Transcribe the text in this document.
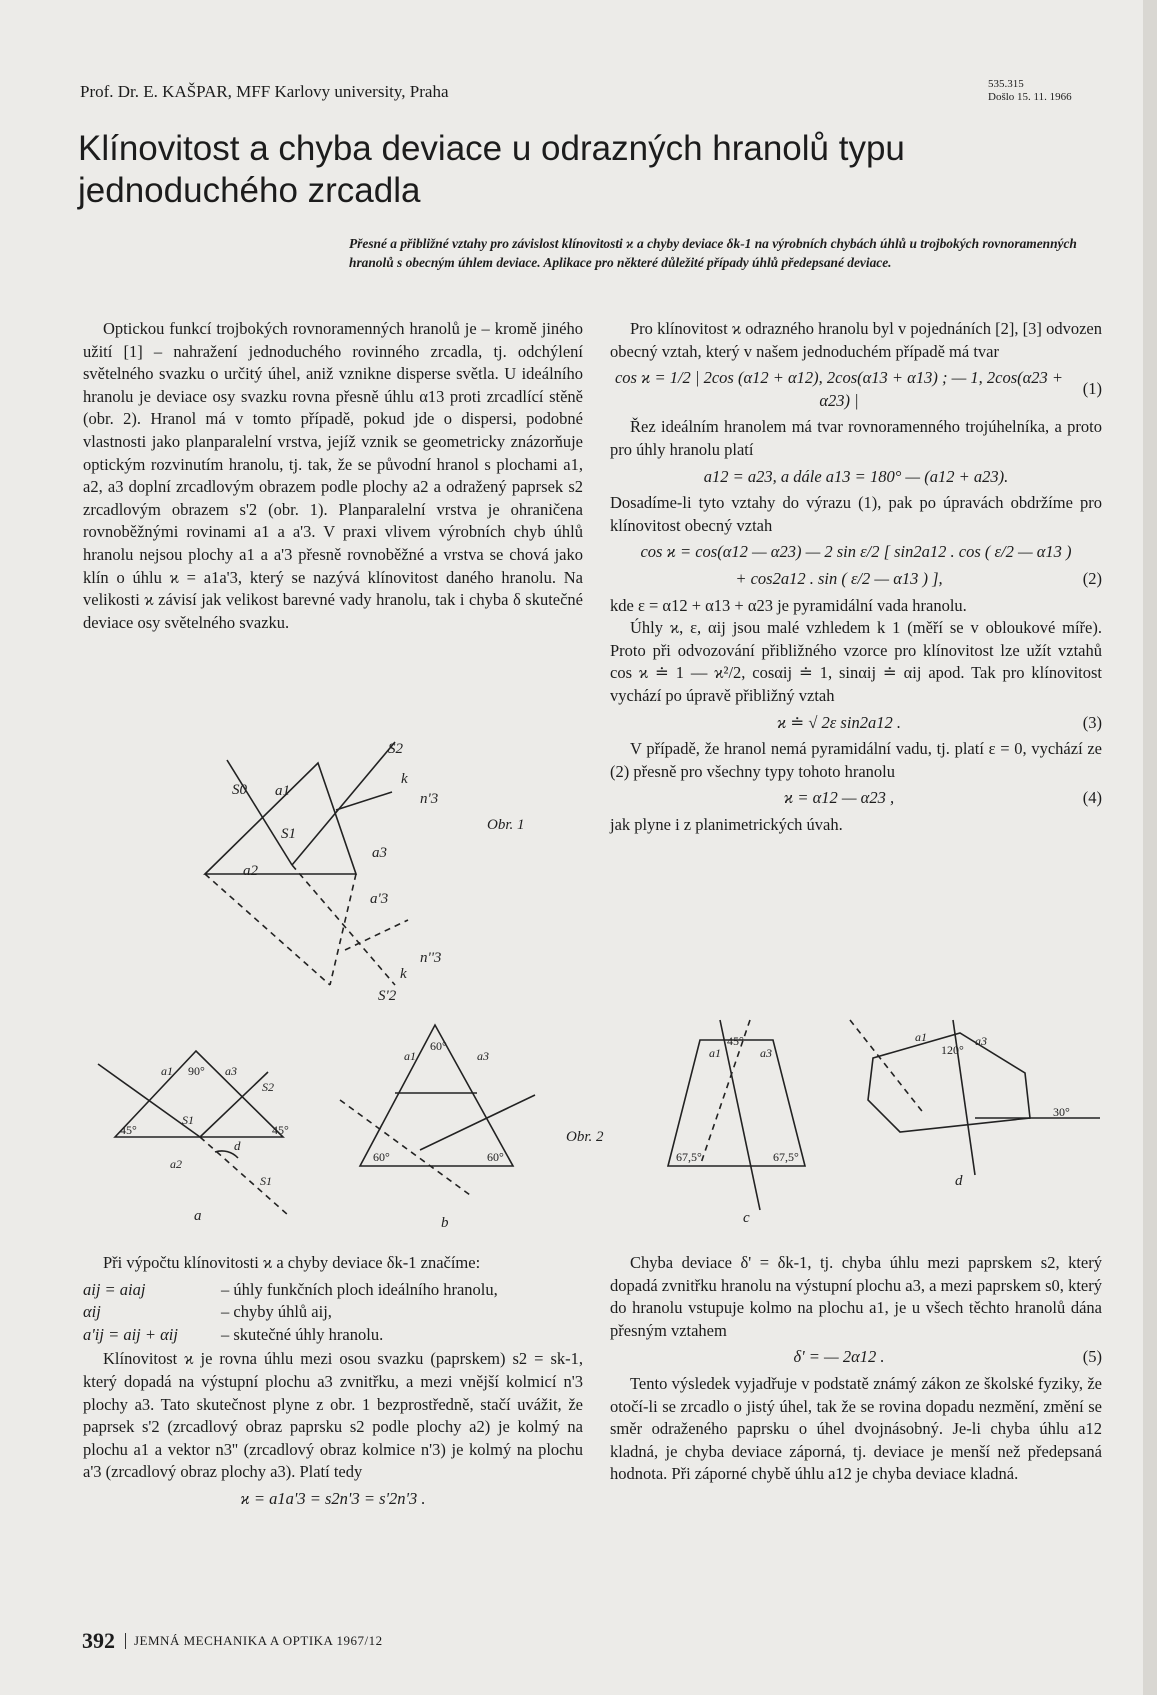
Prof. Dr. E. KAŠPAR, MFF Karlovy university, Praha	535.315
Došlo 15. 11. 1966
Klínovitost a chyba deviace u odrazných hranolů typu jednoduchého zrcadla
Přesné a přibližné vztahy pro závislost klínovitosti ϰ a chyby deviace δk-1 na výrobních chybách úhlů u trojbokých rovnoramenných hranolů s obecným úhlem deviace. Aplikace pro některé důležité případy úhlů předepsané deviace.

Optickou funkcí trojbokých rovnoramenných hranolů je – kromě jiného užití [1] – nahražení jednoduchého rovinného zrcadla, tj. odchýlení světelného svazku o určitý úhel, aniž vznikne disperse světla. U ideálního hranolu je deviace osy svazku rovna přesně úhlu α13 proti zrcadlící stěně (obr. 2). Hranol má v tomto případě, pokud jde o dispersi, podobné vlastnosti jako planparalelní vrstva, jejíž vznik se geometricky znázorňuje optickým rozvinutím hranolu, tj. tak, že se původní hranol s plochami a1, a2, a3 doplní zrcadlovým obrazem podle plochy a2 a odražený paprsek s2 zrcadlovým obrazem s'2 (obr. 1). Planparalelní vrstva je ohraničena rovnoběžnými rovinami a1 a a'3. V praxi vlivem výrobních chyb úhlů hranolu nejsou plochy a1 a a'3 přesně rovnoběžné a vrstva se chová jako klín o úhlu ϰ = a1a'3, který se nazývá klínovitost daného hranolu. Na velikosti ϰ závisí jak velikost barevné vady hranolu, tak i chyba δ skutečné deviace osy světelného svazku.

Pro klínovitost ϰ odrazného hranolu byl v pojednáních [2], [3] odvozen obecný vztah, který v našem jednoduchém případě má tvar

cos ϰ = 1/2 | 2cos (α12 + α12), 2cos(α13 + α13) ; — 1, 2cos(α23 + α23) |
(1)

Řez ideálním hranolem má tvar rovnoramenného trojúhelníka, a proto pro úhly hranolu platí

a12 = a23, a dále a13 = 180° — (a12 + a23).

Dosadíme-li tyto vztahy do výrazu (1), pak po úpravách obdržíme pro klínovitost obecný vztah

cos ϰ = cos(α12 — α23) — 2 sin ε/2 [ sin2a12 . cos ( ε/2 — α13 )
+ cos2a12 . sin ( ε/2 — α13 ) ],	(2)

kde ε = α12 + α13 + α23 je pyramidální vada hranolu.

Úhly ϰ, ε, αij jsou malé vzhledem k 1 (měří se v obloukové míře). Proto při odvozování přibližného vzorce pro klínovitost lze užít vztahů cos ϰ ≐ 1 — ϰ²/2, cosαij ≐ 1, sinαij ≐ αij apod. Tak pro klínovitost vychází po úpravě přibližný vztah

ϰ ≐ √ 2ε sin2a12 .	(3)

V případě, že hranol nemá pyramidální vadu, tj. platí ε = 0, vychází ze (2) přesně pro všechny typy tohoto hranolu

ϰ = α12 — α23 ,	(4)

jak plyne i z planimetrických úvah.

S2
k
S0 a1	n'3
S1
a3
a2
a'3
n''3
k
S'2
Obr. 1
Obr. 2
a1	a3
90°
S2
S1
45°	45°
d
a2
S1
a
a1	a3
60°
60°	60°
b
a1	a3
45°
67,5°	67,5°
c
a1	a3
120°
30°
d

Při výpočtu klínovitosti ϰ a chyby deviace δk-1 značíme:

aij = aiaj	– úhly funkčních ploch ideálního hranolu,
αij	– chyby úhlů aij,
a'ij = aij + αij	– skutečné úhly hranolu.

Klínovitost ϰ je rovna úhlu mezi osou svazku (paprskem) s2 = sk-1, který dopadá na výstupní plochu a3 zvnitřku, a mezi vnější kolmicí n'3 plochy a3. Tato skutečnost plyne z obr. 1 bezprostředně, stačí uvážit, že paprsek s'2 (zrcadlový obraz paprsku s2 podle plochy a2) je kolmý na plochu a1 a vektor n3'' (zrcadlový obraz kolmice n'3) je kolmý na plochu a'3 (zrcadlový obraz plochy a3). Platí tedy

ϰ = a1a'3 = s2n'3 = s'2n'3 .

Chyba deviace δ' = δk-1, tj. chyba úhlu mezi paprskem s2, který dopadá zvnitřku hranolu na výstupní plochu a3, a mezi paprskem s0, který do hranolu vstupuje kolmo na plochu a1, je u všech těchto hranolů dána přesným vztahem

δ' = — 2α12 .	(5)

Tento výsledek vyjadřuje v podstatě známý zákon ze školské fyziky, že otočí-li se zrcadlo o jistý úhel, tak že se rovina dopadu nezmění, změní se směr odraženého paprsku o úhel dvojnásobný. Je-li chyba úhlu a12 kladná, je chyba deviace záporná, tj. deviace je menší než předepsaná hodnota. Při záporné chybě úhlu a12 je chyba deviace kladná.

392 JEMNÁ MECHANIKA A OPTIKA 1967/12
